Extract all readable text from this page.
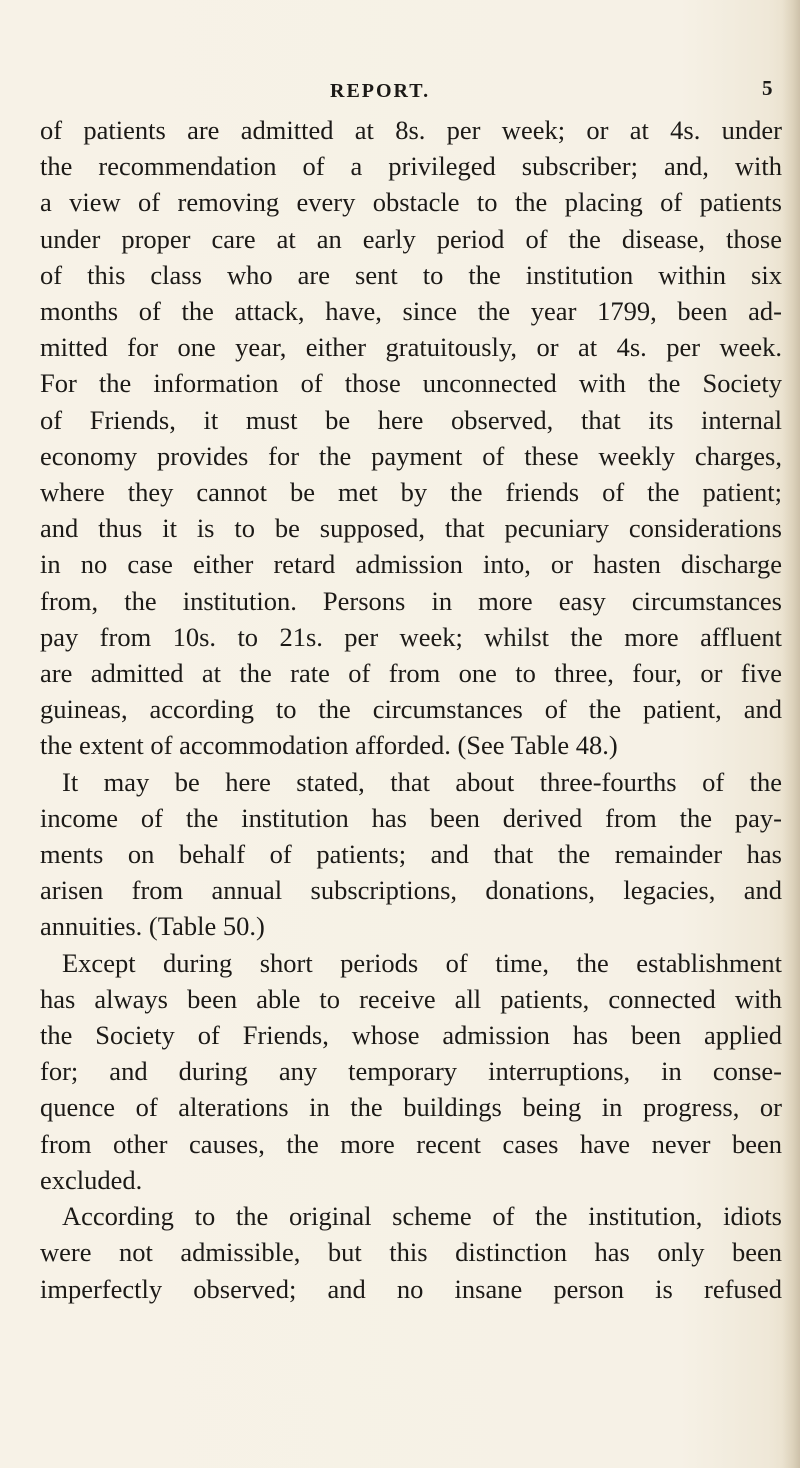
REPORT.	5
of patients are admitted at 8s. per week; or at 4s. under
the recommendation of a privileged subscriber; and, with
a view of removing every obstacle to the placing of patients
under proper care at an early period of the disease, those
of this class who are sent to the institution within six
months of the attack, have, since the year 1799, been ad-
mitted for one year, either gratuitously, or at 4s. per week.
For the information of those unconnected with the Society
of Friends, it must be here observed, that its internal
economy provides for the payment of these weekly charges,
where they cannot be met by the friends of the patient;
and thus it is to be supposed, that pecuniary considerations
in no case either retard admission into, or hasten discharge
from, the institution. Persons in more easy circumstances
pay from 10s. to 21s. per week; whilst the more affluent
are admitted at the rate of from one to three, four, or five
guineas, according to the circumstances of the patient, and
the extent of accommodation afforded. (See Table 48.)
It may be here stated, that about three-fourths of the
income of the institution has been derived from the pay-
ments on behalf of patients; and that the remainder has
arisen from annual subscriptions, donations, legacies, and
annuities. (Table 50.)
Except during short periods of time, the establishment
has always been able to receive all patients, connected with
the Society of Friends, whose admission has been applied
for; and during any temporary interruptions, in conse-
quence of alterations in the buildings being in progress, or
from other causes, the more recent cases have never been
excluded.
According to the original scheme of the institution, idiots
were not admissible, but this distinction has only been
imperfectly observed; and no insane person is refused
